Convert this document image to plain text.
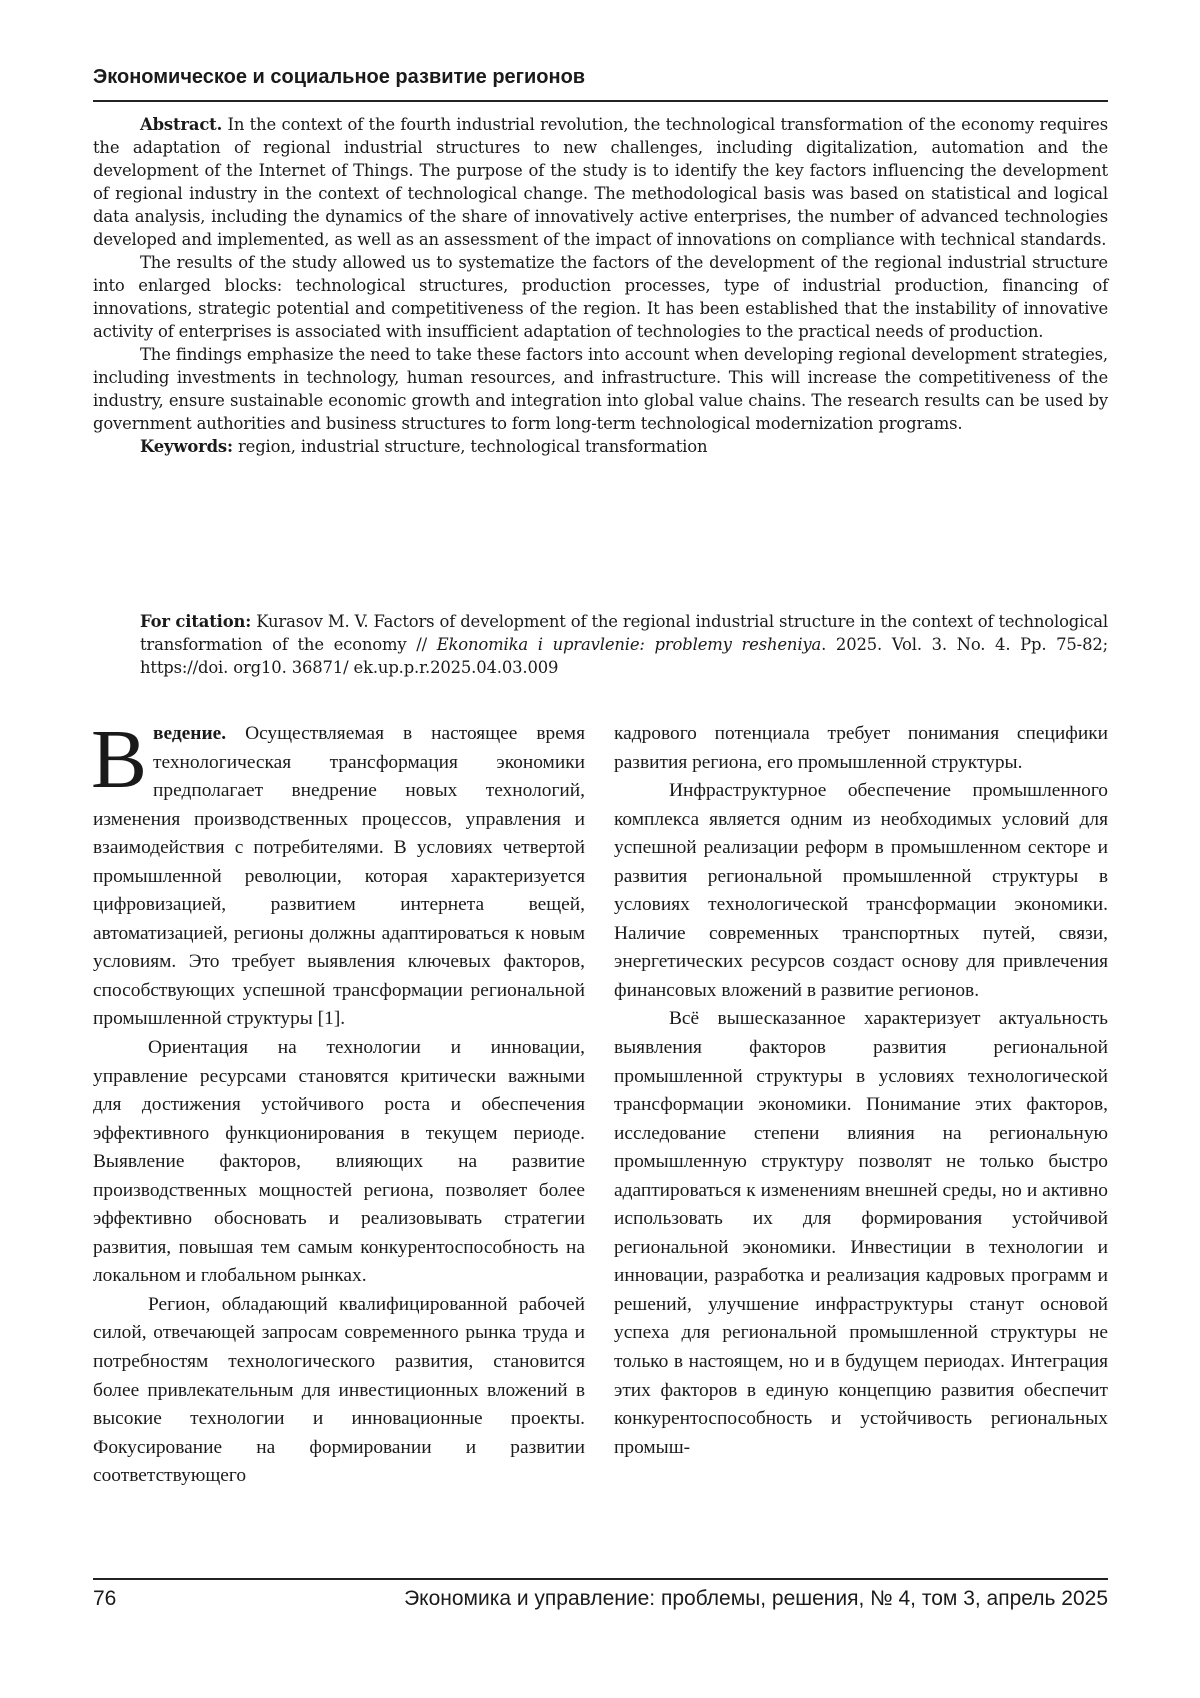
Экономическое и социальное развитие регионов

Abstract. In the context of the fourth industrial revolution, the technological transformation of the economy requires the adaptation of regional industrial structures to new challenges, including digitalization, automation and the development of the Internet of Things. The purpose of the study is to identify the key factors influencing the development of regional industry in the context of technological change. The methodological basis was based on statistical and logical data analysis, including the dynamics of the share of innovatively active enterprises, the number of advanced technologies developed and implemented, as well as an assessment of the impact of innovations on compliance with technical standards.

The results of the study allowed us to systematize the factors of the development of the regional industrial structure into enlarged blocks: technological structures, production processes, type of industrial production, financing of innovations, strategic potential and competitiveness of the region. It has been established that the instability of innovative activity of enterprises is associated with insufficient adaptation of technologies to the practical needs of production.

The findings emphasize the need to take these factors into account when developing regional development strategies, including investments in technology, human resources, and infrastructure. This will increase the competitiveness of the industry, ensure sustainable economic growth and integration into global value chains. The research results can be used by government authorities and business structures to form long-term technological modernization programs.

Keywords: region, industrial structure, technological transformation

For citation: Kurasov M. V. Factors of development of the regional industrial structure in the context of technological transformation of the economy // Ekonomika i upravlenie: problemy resheniya. 2025. Vol. 3. No. 4. Pp. 75-82; https://doi. org10. 36871/ ek.up.p.r.2025.04.03.009

В ведение. Осуществляемая в настоящее время технологическая трансформация экономики предполагает внедрение новых технологий, изменения производственных процессов, управления и взаимодействия с потребителями. В условиях четвертой промышленной революции, которая характеризуется цифровизацией, развитием интернета вещей, автоматизацией, регионы должны адаптироваться к новым условиям. Это требует выявления ключевых факторов, способствующих успешной трансформации региональной промышленной структуры [1].

Ориентация на технологии и инновации, управление ресурсами становятся критически важными для достижения устойчивого роста и обеспечения эффективного функционирования в текущем периоде. Выявление факторов, влияющих на развитие производственных мощностей региона, позволяет более эффективно обосновать и реализовывать стратегии развития, повышая тем самым конкурентоспособность на локальном и глобальном рынках.

Регион, обладающий квалифицированной рабочей силой, отвечающей запросам современного рынка труда и потребностям технологического развития, становится более привлекательным для инвестиционных вложений в высокие технологии и инновационные проекты. Фокусирование на формировании и развитии соответствующего

кадрового потенциала требует понимания специфики развития региона, его промышленной структуры.

Инфраструктурное обеспечение промышленного комплекса является одним из необходимых условий для успешной реализации реформ в промышленном секторе и развития региональной промышленной структуры в условиях технологической трансформации экономики. Наличие современных транспортных путей, связи, энергетических ресурсов создаст основу для привлечения финансовых вложений в развитие регионов.

Всё вышесказанное характеризует актуальность выявления факторов развития региональной промышленной структуры в условиях технологической трансформации экономики. Понимание этих факторов, исследование степени влияния на региональную промышленную структуру позволят не только быстро адаптироваться к изменениям внешней среды, но и активно использовать их для формирования устойчивой региональной экономики. Инвестиции в технологии и инновации, разработка и реализация кадровых программ и решений, улучшение инфраструктуры станут основой успеха для региональной промышленной структуры не только в настоящем, но и в будущем периодах. Интеграция этих факторов в единую концепцию развития обеспечит конкурентоспособность и устойчивость региональных промыш-

76	Экономика и управление: проблемы, решения, № 4, том 3, апрель 2025
